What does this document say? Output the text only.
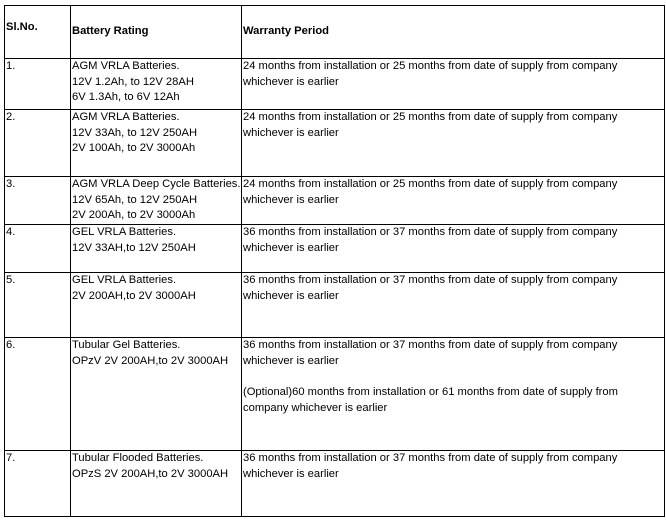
Sl.No.	Battery Rating	Warranty Period
1.	AGM VRLA Batteries.
12V 1.2Ah, to 12V 28AH
6V 1.3Ah, to 6V 12Ah	24 months from installation or 25 months from date of supply from company
whichever is earlier

2.	AGM VRLA Batteries.
12V 33Ah, to 12V 250AH
2V 100Ah, to 2V 3000Ah	24 months from installation or 25 months from date of supply from company
whichever is earlier

3.	AGM VRLA Deep Cycle Batteries.
12V 65Ah, to 12V 250AH
2V 200Ah, to 2V 3000Ah	24 months from installation or 25 months from date of supply from company
whichever is earlier

4.	GEL VRLA Batteries.
12V 33AH,to 12V 250AH	36 months from installation or 37 months from date of supply from company
whichever is earlier

5.	GEL VRLA Batteries.
2V 200AH,to 2V 3000AH	36 months from installation or 37 months from date of supply from company
whichever is earlier

6.	Tubular Gel Batteries.
OPzV 2V 200AH,to 2V 3000AH	36 months from installation or 37 months from date of supply from company
whichever is earlier
(Optional)60 months from installation or 61 months from date of supply from
company whichever is earlier

7.	Tubular Flooded Batteries.
OPzS 2V 200AH,to 2V 3000AH	36 months from installation or 37 months from date of supply from company
whichever is earlier
